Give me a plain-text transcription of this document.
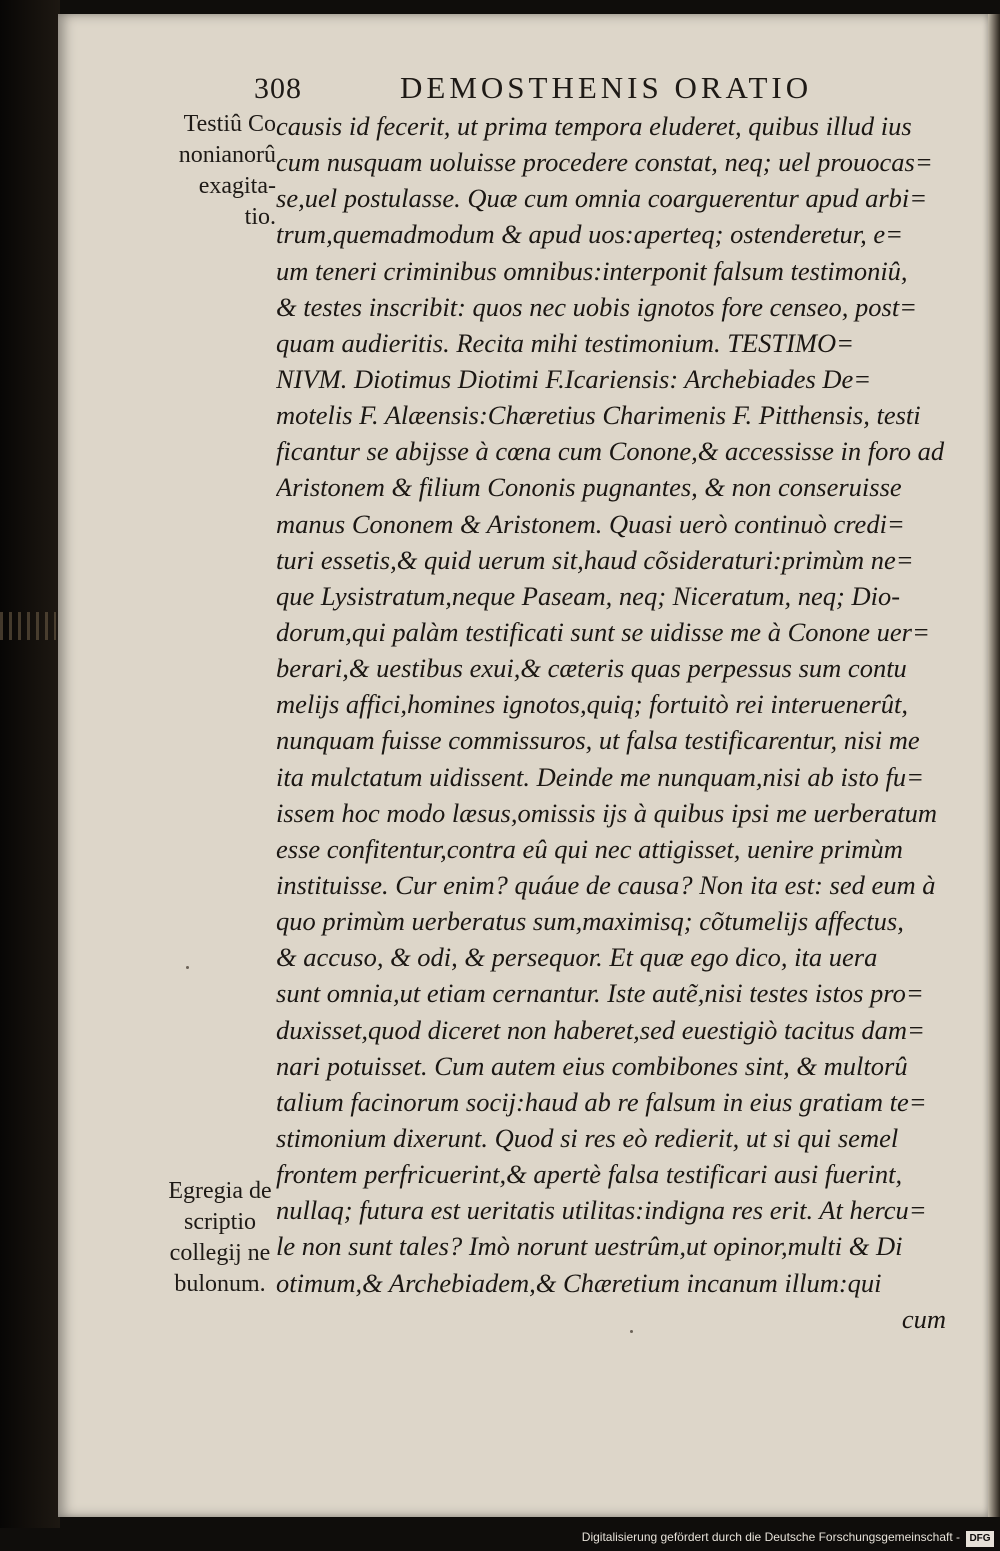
308	DEMOSTHENIS ORATIO
Testiû Co
nonianorû
exagita-
tio.
Egregia de
scriptio
collegij ne
bulonum.
causis id fecerit, ut prima tempora eluderet, quibus illud ius
cum nusquam uoluisse procedere constat, neq; uel prouocas=
se,uel postulasse. Quæ cum omnia coarguerentur apud arbi=
trum,quemadmodum & apud uos:aperteq; ostenderetur, e=
um teneri criminibus omnibus:interponit falsum testimoniû,
& testes inscribit: quos nec uobis ignotos fore censeo, post=
quam audieritis. Recita mihi testimonium. TESTIMO=
NIVM. Diotimus Diotimi F.Icariensis: Archebiades De=
motelis F. Alæensis:Chæretius Charimenis F. Pitthensis, testi
ficantur se abijsse à cœna cum Conone,& accessisse in foro ad
Aristonem & filium Cononis pugnantes, & non conseruisse
manus Cononem & Aristonem. Quasi uerò continuò credi=
turi essetis,& quid uerum sit,haud cõsideraturi:primùm ne=
que Lysistratum,neque Paseam, neq; Niceratum, neq; Dio-
dorum,qui palàm testificati sunt se uidisse me à Conone uer=
berari,& uestibus exui,& cæteris quas perpessus sum contu
melijs affici,homines ignotos,quiq; fortuitò rei interuenerût,
nunquam fuisse commissuros, ut falsa testificarentur, nisi me
ita mulctatum uidissent. Deinde me nunquam,nisi ab isto fu=
issem hoc modo læsus,omissis ijs à quibus ipsi me uerberatum
esse confitentur,contra eû qui nec attigisset, uenire primùm
instituisse. Cur enim? quáue de causa? Non ita est: sed eum à
quo primùm uerberatus sum,maximisq; cõtumelijs affectus,
& accuso, & odi, & persequor. Et quæ ego dico, ita uera
sunt omnia,ut etiam cernantur. Iste autẽ,nisi testes istos pro=
duxisset,quod diceret non haberet,sed euestigiò tacitus dam=
nari potuisset. Cum autem eius combibones sint, & multorû
talium facinorum socij:haud ab re falsum in eius gratiam te=
stimonium dixerunt. Quod si res eò redierit, ut si qui semel
frontem perfricuerint,& apertè falsa testificari ausi fuerint,
nullaq; futura est ueritatis utilitas:indigna res erit. At hercu=
le non sunt tales? Imò norunt uestrûm,ut opinor,multi & Di
otimum,& Archebiadem,& Chæretium incanum illum:qui
cum
Digitalisierung gefördert durch die Deutsche Forschungsgemeinschaft - DFG
